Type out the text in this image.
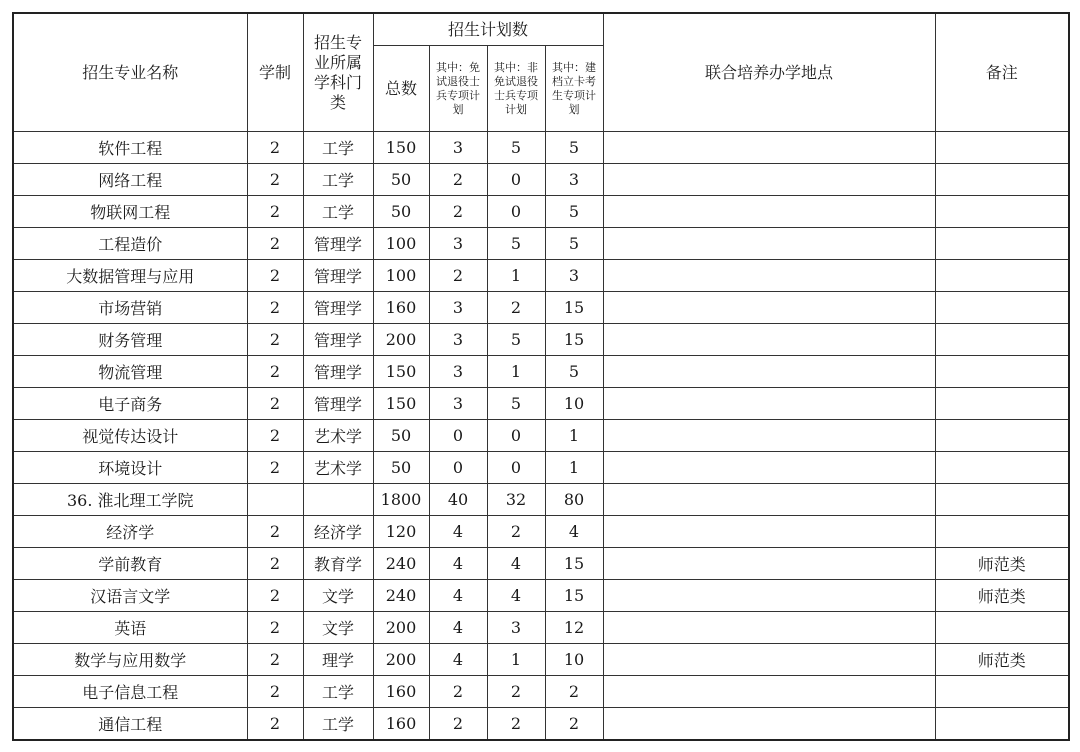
招生专业名称	学制	招生专业所属学科门类	招生计划数				联合培养办学地点	备注
			总数	其中：免试退役士兵专项计划	其中：非免试退役士兵专项计划	其中：建档立卡考生专项计划		
软件工程	2	工学	150	3	5	5		
网络工程	2	工学	50	2	0	3		
物联网工程	2	工学	50	2	0	5		
工程造价	2	管理学	100	3	5	5		
大数据管理与应用	2	管理学	100	2	1	3		
市场营销	2	管理学	160	3	2	15		
财务管理	2	管理学	200	3	5	15		
物流管理	2	管理学	150	3	1	5		
电子商务	2	管理学	150	3	5	10		
视觉传达设计	2	艺术学	50	0	0	1		
环境设计	2	艺术学	50	0	0	1		
36. 淮北理工学院			1800	40	32	80		
经济学	2	经济学	120	4	2	4		
学前教育	2	教育学	240	4	4	15		师范类
汉语言文学	2	文学	240	4	4	15		师范类
英语	2	文学	200	4	3	12		
数学与应用数学	2	理学	200	4	1	10		师范类
电子信息工程	2	工学	160	2	2	2		
通信工程	2	工学	160	2	2	2		
